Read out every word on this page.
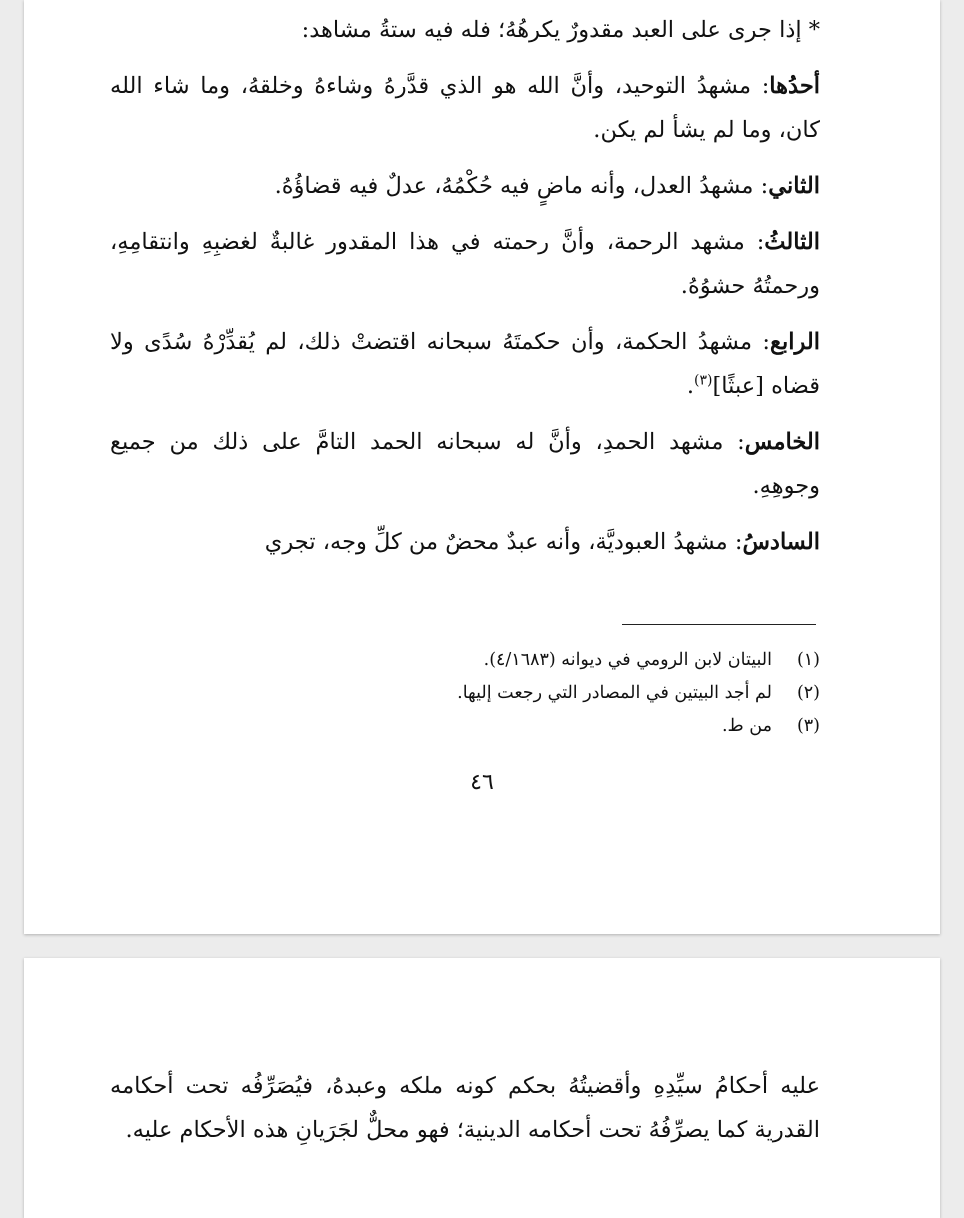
* إذا جرى على العبد مقدورٌ يكرهُهُ؛ فله فيه ستةُ مشاهد:

أحدُها: مشهدُ التوحيد، وأنَّ الله هو الذي قدَّرهُ وشاءهُ وخلقهُ، وما شاء الله كان، وما لم يشأ لم يكن.

الثاني: مشهدُ العدل، وأنه ماضٍ فيه حُكْمُهُ، عدلٌ فيه قضاؤُهُ.

الثالثُ: مشهد الرحمة، وأنَّ رحمته في هذا المقدور غالبةٌ لغضبِهِ وانتقامِهِ، ورحمتُهُ حشوُهُ.

الرابع: مشهدُ الحكمة، وأن حكمتَهُ سبحانه اقتضتْ ذلك، لم يُقدِّرْهُ سُدًى ولا قضاه [عبثًا]$^{(٣)}$.

الخامس: مشهد الحمدِ، وأنَّ له سبحانه الحمد التامَّ على ذلك من جميع وجوهِهِ.

السادسُ: مشهدُ العبوديَّة، وأنه عبدٌ محضٌ من كلِّ وجه، تجري

(١)
البيتان لابن الرومي في ديوانه (٤/١٦٨٣).
(٢)
لم أجد البيتين في المصادر التي رجعت إليها.
(٣)
من ط.
٤٦

عليه أحكامُ سيِّدِهِ وأقضيتُهُ بحكم كونه ملكه وعبدهُ، فيُصَرِّفُه تحت أحكامه القدرية كما يصرِّفُهُ تحت أحكامه الدينية؛ فهو محلٌّ لجَرَيانِ هذه الأحكام عليه.
